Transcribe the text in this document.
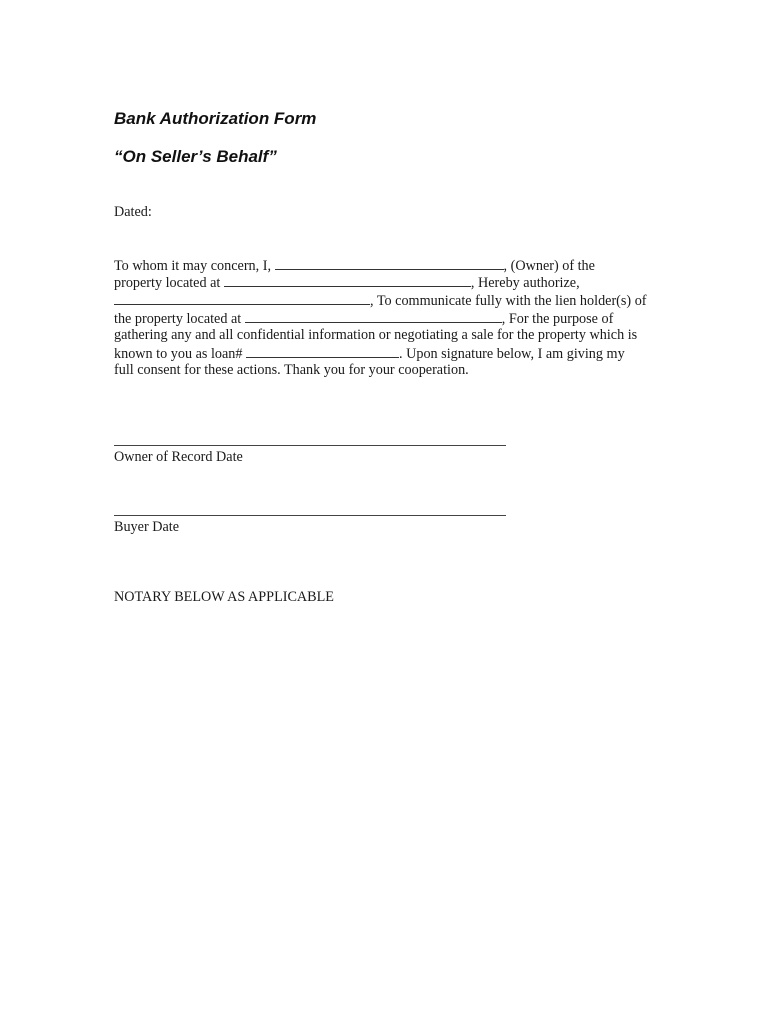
Bank Authorization Form
“On Seller’s Behalf”

Dated:

To whom it may concern, I,	, (Owner) of the

property located at	, Hereby authorize,

, To communicate fully with the lien holder(s) of

the property located at	, For the purpose of

gathering any and all confidential information or negotiating a sale for the property which is

known to you as loan#	. Upon signature below, I am giving my

full consent for these actions. Thank you for your cooperation.

Owner of Record Date

Buyer Date

NOTARY BELOW AS APPLICABLE
